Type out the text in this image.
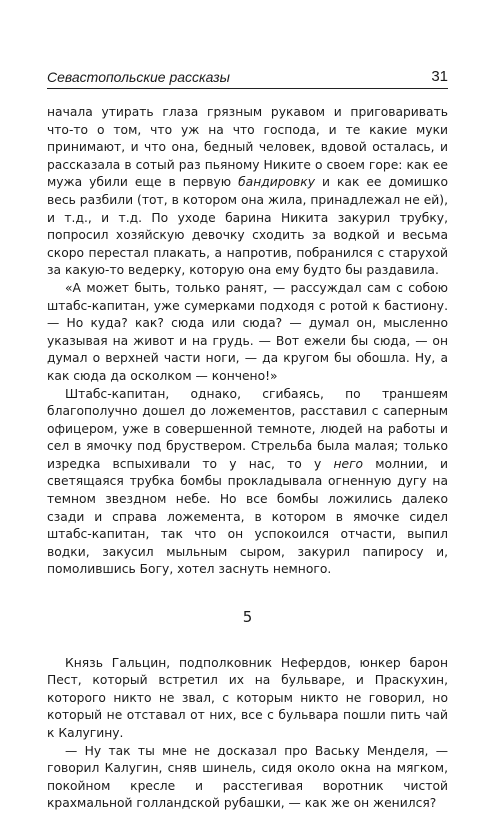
Севастопольские рассказы	31

начала утирать глаза грязным рукавом и приговаривать что-то о том, что уж на что господа, и те какие муки принимают, и что она, бедный человек, вдовой осталась, и рассказала в сотый раз пьяному Никите о своем горе: как ее мужа убили еще в первую бандировку и как ее домишко весь разбили (тот, в котором она жила, принадлежал не ей), и т.д., и т.д. По уходе барина Никита закурил трубку, попросил хозяйскую девочку сходить за водкой и весьма скоро перестал плакать, а напротив, побранился с старухой за какую-то ведерку, которую она ему будто бы раздавила.

«А может быть, только ранят, — рассуждал сам с собою штабс-капитан, уже сумерками подходя с ротой к бастиону. — Но куда? как? сюда или сюда? — думал он, мысленно указывая на живот и на грудь. — Вот ежели бы сюда, — он думал о верхней части ноги, — да кругом бы обошла. Ну, а как сюда да осколком — кончено!»

Штабс-капитан, однако, сгибаясь, по траншеям благополучно дошел до ложементов, расставил с саперным офицером, уже в совершенной темноте, людей на работы и сел в ямочку под бруствером. Стрельба была малая; только изредка вспыхивали то у нас, то у него молнии, и светящаяся трубка бомбы прокладывала огненную дугу на темном звездном небе. Но все бомбы ложились далеко сзади и справа ложемента, в котором в ямочке сидел штабс-капитан, так что он успокоился отчасти, выпил водки, закусил мыльным сыром, закурил папиросу и, помолившись Богу, хотел заснуть немного.

5

Князь Гальцин, подполковник Нефердов, юнкер барон Пест, который встретил их на бульваре, и Праскухин, которого никто не звал, с которым никто не говорил, но который не отставал от них, все с бульвара пошли пить чай к Калугину.

— Ну так ты мне не досказал про Ваську Менделя, — говорил Калугин, сняв шинель, сидя около окна на мягком, покойном кресле и расстегивая воротник чистой крахмальной голландской рубашки, — как же он женился?
